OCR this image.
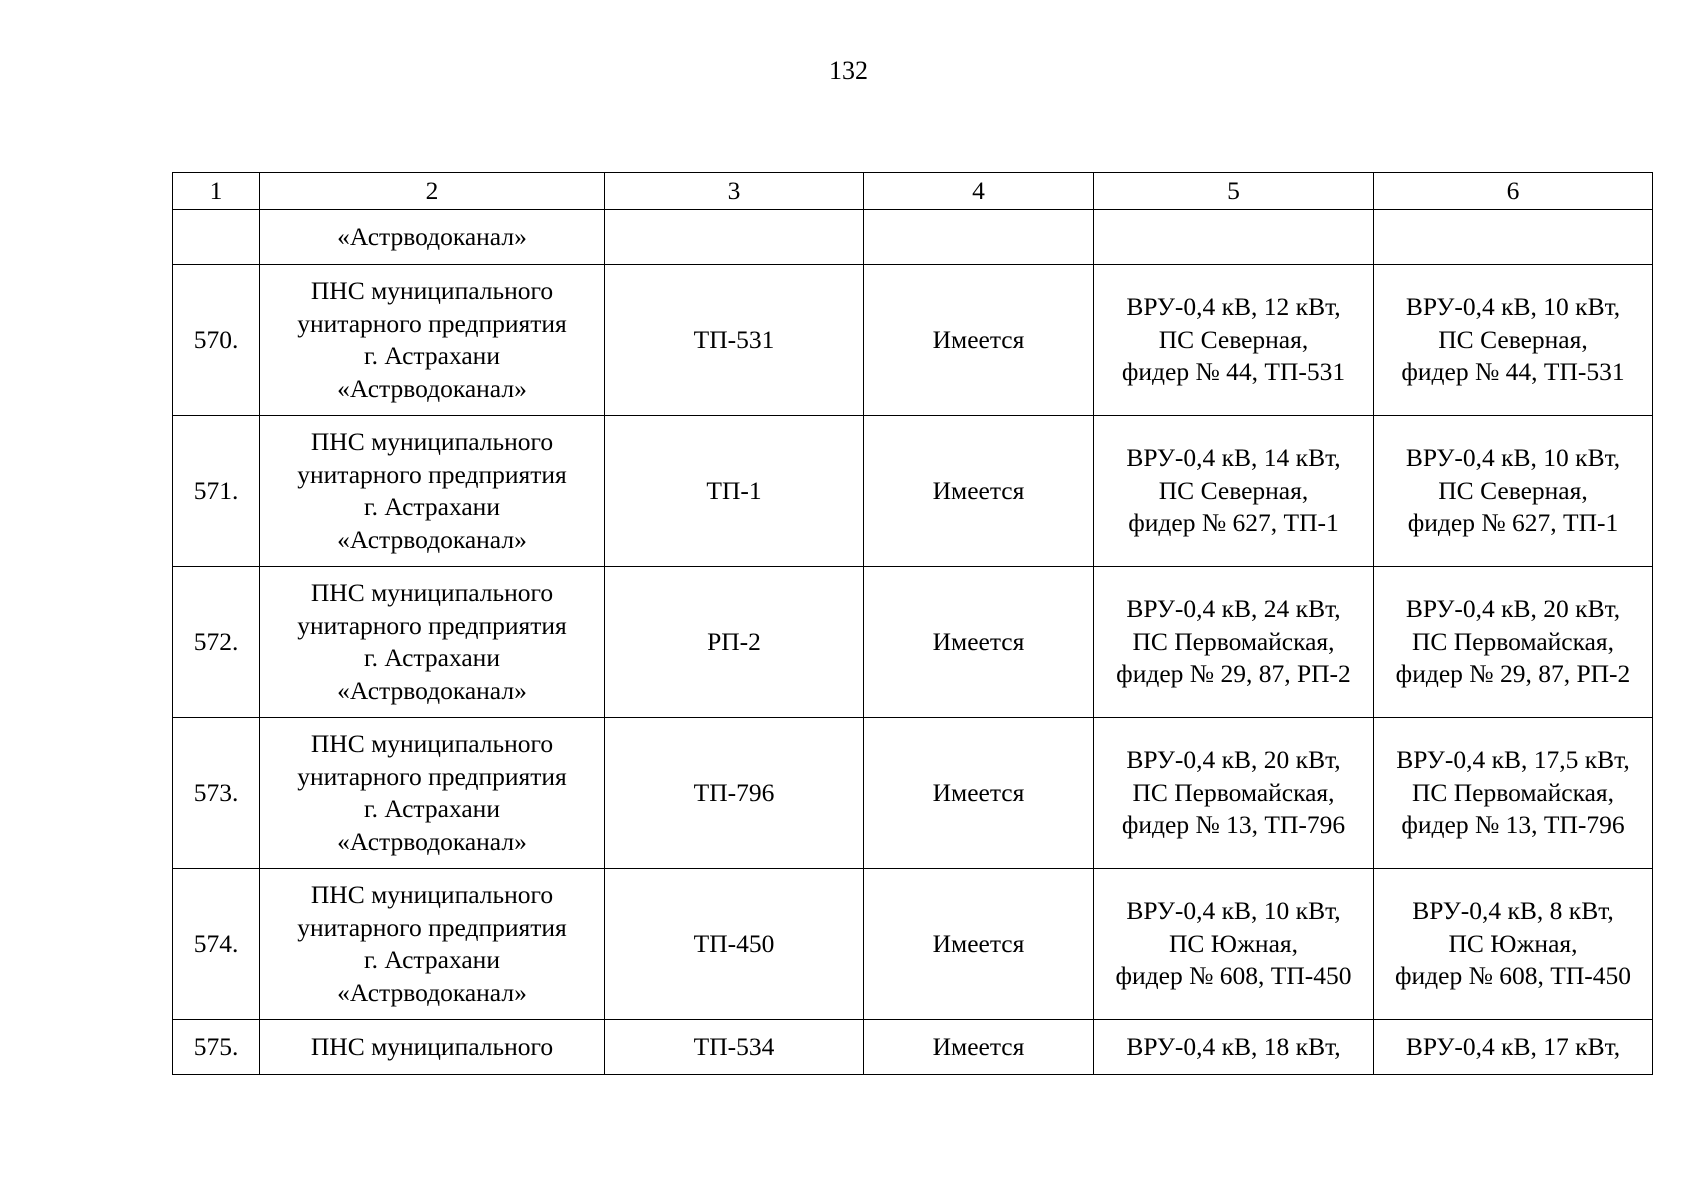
132
1	2	3	4	5	6

	«Астрводоканал»				

570.	ПНС муниципального
унитарного предприятия
г. Астрахани
«Астрводоканал»	ТП-531	Имеется	ВРУ-0,4 кВ, 12 кВт,
ПС Северная,
фидер № 44, ТП-531	ВРУ-0,4 кВ, 10 кВт,
ПС Северная,
фидер № 44, ТП-531

571.	ПНС муниципального
унитарного предприятия
г. Астрахани
«Астрводоканал»	ТП-1	Имеется	ВРУ-0,4 кВ, 14 кВт,
ПС Северная,
фидер № 627, ТП-1	ВРУ-0,4 кВ, 10 кВт,
ПС Северная,
фидер № 627, ТП-1

572.	ПНС муниципального
унитарного предприятия
г. Астрахани
«Астрводоканал»	РП-2	Имеется	ВРУ-0,4 кВ, 24 кВт,
ПС Первомайская,
фидер № 29, 87, РП-2	ВРУ-0,4 кВ, 20 кВт,
ПС Первомайская,
фидер № 29, 87, РП-2

573.	ПНС муниципального
унитарного предприятия
г. Астрахани
«Астрводоканал»	ТП-796	Имеется	ВРУ-0,4 кВ, 20 кВт,
ПС Первомайская,
фидер № 13, ТП-796	ВРУ-0,4 кВ, 17,5 кВт,
ПС Первомайская,
фидер № 13, ТП-796

574.	ПНС муниципального
унитарного предприятия
г. Астрахани
«Астрводоканал»	ТП-450	Имеется	ВРУ-0,4 кВ, 10 кВт,
ПС Южная,
фидер № 608, ТП-450	ВРУ-0,4 кВ, 8 кВт,
ПС Южная,
фидер № 608, ТП-450

575.	ПНС муниципального	ТП-534	Имеется	ВРУ-0,4 кВ, 18 кВт,	ВРУ-0,4 кВ, 17 кВт,
